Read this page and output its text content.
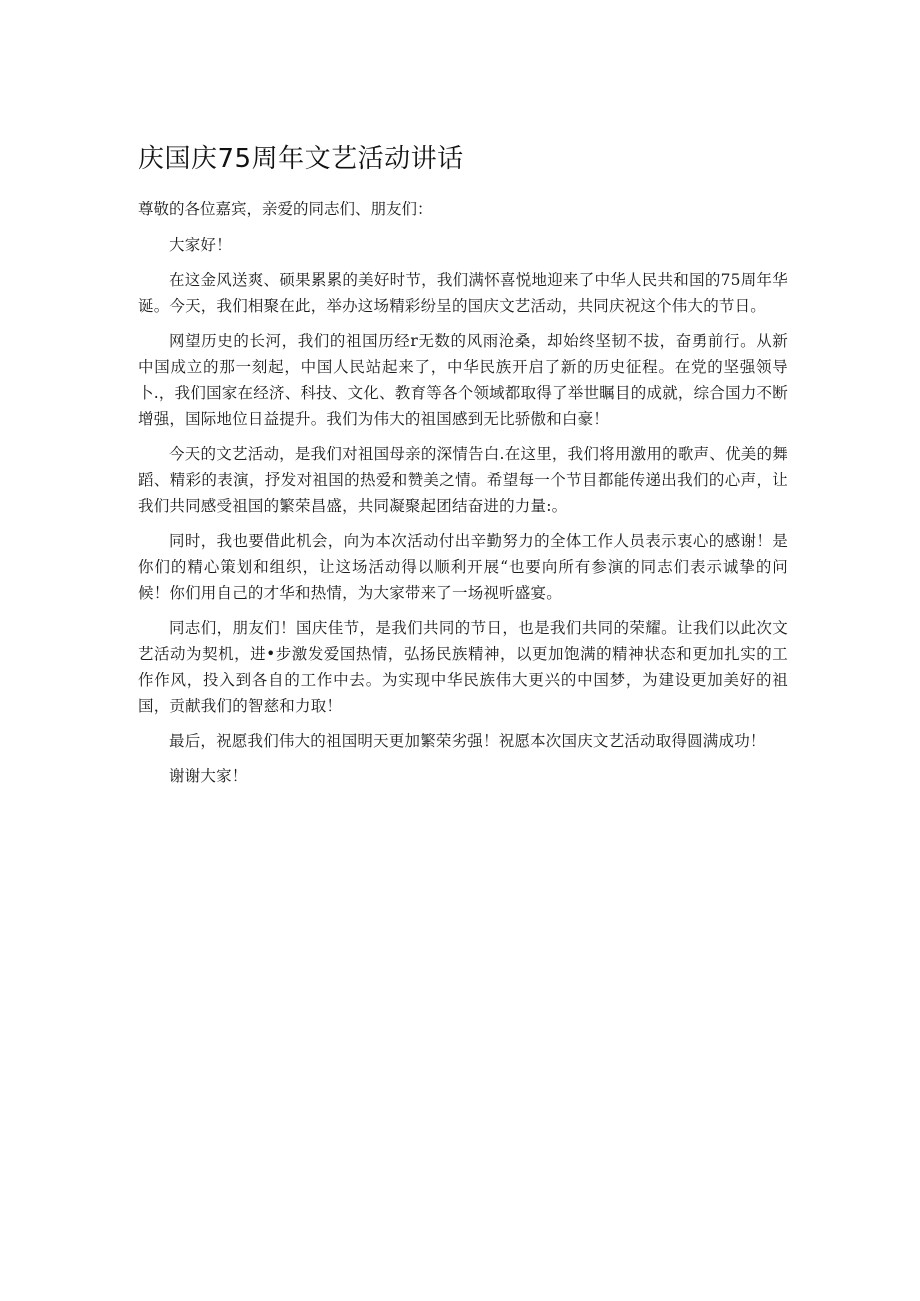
庆国庆75周年文艺活动讲话

尊敬的各位嘉宾，亲爱的同志们、朋友们：

大家好！

在这金风送爽、硕果累累的美好时节，我们满怀喜悦地迎来了中华人民共和国的75周年华诞。今天，我们相聚在此，举办这场精彩纷呈的国庆文艺活动，共同庆祝这个伟大的节日。

网望历史的长河，我们的祖国历经r无数的风雨沧桑，却始终坚韧不拔，奋勇前行。从新中国成立的那一刻起，中国人民站起来了，中华民族开启了新的历史征程。在党的坚强领导卜.，我们国家在经济、科技、文化、教育等各个领域都取得了举世瞩目的成就，综合国力不断增强，国际地位日益提升。我们为伟大的祖国感到无比骄傲和白豪！

今天的文艺活动，是我们对祖国母亲的深情告白.在这里，我们将用激用的歌声、优美的舞蹈、精彩的表演，抒发对祖国的热爱和赞美之情。希望每一个节目都能传递出我们的心声，让我们共同感受祖国的繁荣昌盛，共同凝聚起团结奋进的力量:。

同时，我也要借此机会，向为本次活动付出辛勤努力的全体工作人员表示衷心的感谢！是你们的精心策划和组织，让这场活动得以顺利开展“也要向所有参演的同志们表示诚挚的问候！你们用自己的才华和热情，为大家带来了一场视听盛宴。

同志们，朋友们！国庆佳节，是我们共同的节日，也是我们共同的荣耀。让我们以此次文艺活动为契机，进•步激发爱国热情，弘扬民族精神，以更加饱满的精神状态和更加扎实的工作作风，投入到各自的工作中去。为实现中华民族伟大更兴的中国梦，为建设更加美好的祖国，贡献我们的智慈和力取！

最后，祝愿我们伟大的祖国明天更加繁荣劣强！祝愿本次国庆文艺活动取得圆满成功！

谢谢大家！
